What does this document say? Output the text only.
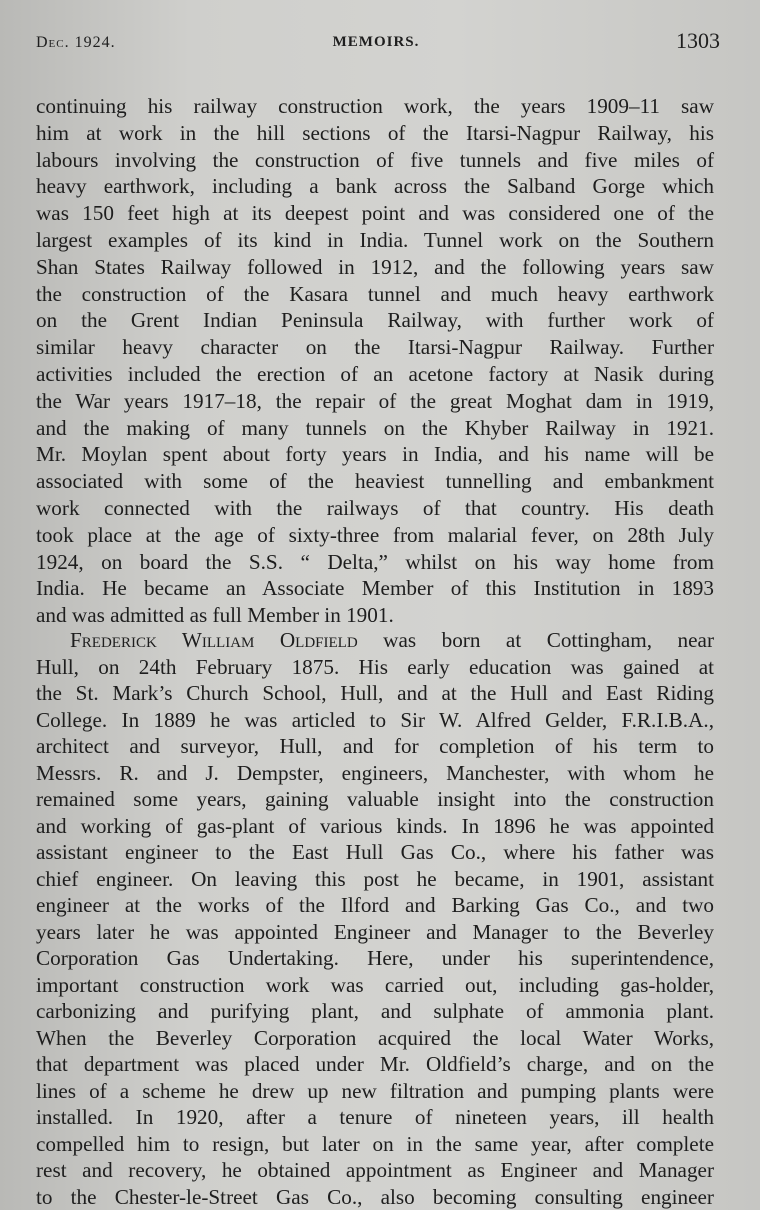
Dec. 1924.	MEMOIRS.	1303
continuing his railway construction work, the years 1909–11 saw
him at work in the hill sections of the Itarsi-Nagpur Railway, his
labours involving the construction of five tunnels and five miles of
heavy earthwork, including a bank across the Salband Gorge which
was 150 feet high at its deepest point and was considered one of the
largest examples of its kind in India. Tunnel work on the Southern
Shan States Railway followed in 1912, and the following years saw
the construction of the Kasara tunnel and much heavy earthwork
on the Grent Indian Peninsula Railway, with further work of
similar heavy character on the Itarsi-Nagpur Railway. Further
activities included the erection of an acetone factory at Nasik during
the War years 1917–18, the repair of the great Moghat dam in 1919,
and the making of many tunnels on the Khyber Railway in 1921.
Mr. Moylan spent about forty years in India, and his name will be
associated with some of the heaviest tunnelling and embankment
work connected with the railways of that country. His death
took place at the age of sixty-three from malarial fever, on 28th July
1924, on board the S.S. “ Delta,” whilst on his way home from
India. He became an Associate Member of this Institution in 1893
and was admitted as full Member in 1901.
Frederick William Oldfield was born at Cottingham, near
Hull, on 24th February 1875. His early education was gained at
the St. Mark’s Church School, Hull, and at the Hull and East Riding
College. In 1889 he was articled to Sir W. Alfred Gelder, F.R.I.B.A.,
architect and surveyor, Hull, and for completion of his term to
Messrs. R. and J. Dempster, engineers, Manchester, with whom he
remained some years, gaining valuable insight into the construction
and working of gas-plant of various kinds. In 1896 he was appointed
assistant engineer to the East Hull Gas Co., where his father was
chief engineer. On leaving this post he became, in 1901, assistant
engineer at the works of the Ilford and Barking Gas Co., and two
years later he was appointed Engineer and Manager to the Beverley
Corporation Gas Undertaking. Here, under his superintendence,
important construction work was carried out, including gas-holder,
carbonizing and purifying plant, and sulphate of ammonia plant.
When the Beverley Corporation acquired the local Water Works,
that department was placed under Mr. Oldfield’s charge, and on the
lines of a scheme he drew up new filtration and pumping plants were
installed. In 1920, after a tenure of nineteen years, ill health
compelled him to resign, but later on in the same year, after complete
rest and recovery, he obtained appointment as Engineer and Manager
to the Chester-le-Street Gas Co., also becoming consulting engineer
